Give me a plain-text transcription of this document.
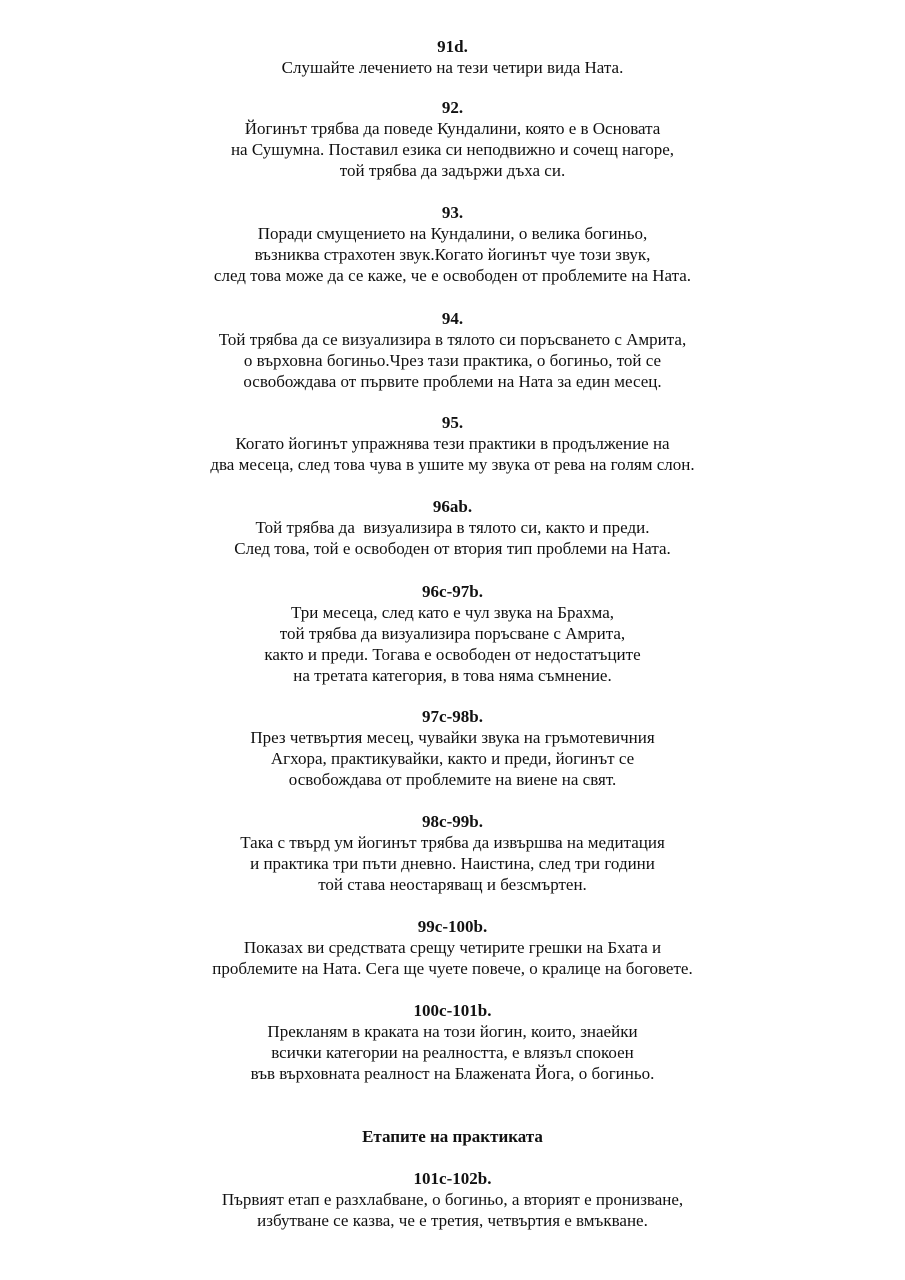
91d.
Слушайте лечението на тези четири вида Ната.
92.
Йогинът трябва да поведе Кундалини, която е в Основата
на Сушумна. Поставил езика си неподвижно и сочещ нагоре,
той трябва да задържи дъха си.
93.
Поради смущението на Кундалини, о велика богиньо,
възниква страхотен звук.Когато йогинът чуе този звук,
след това може да се каже, че е освободен от проблемите на Ната.
94.
Той трябва да се визуализира в тялото си поръсването с Амрита,
о върховна богиньо.Чрез тази практика, о богиньо, той се
освобождава от първите проблеми на Ната за един месец.
95.
Когато йогинът упражнява тези практики в продължение на
два месеца, след това чува в ушите му звука от рева на голям слон.
96ab.
Той трябва да  визуализира в тялото си, както и преди.
След това, той е освободен от втория тип проблеми на Ната.
96c-97b.
Три месеца, след като е чул звука на Брахма,
той трябва да визуализира поръсване с Амрита,
както и преди. Тогава е освободен от недостатъците
на третата категория, в това няма съмнение.
97c-98b.
През четвъртия месец, чувайки звука на гръмотевичния
Агхора, практикувайки, както и преди, йогинът се
освобождава от проблемите на виене на свят.
98c-99b.
Така с твърд ум йогинът трябва да извършва на медитация
и практика три пъти дневно. Наистина, след три години
той става неостаряващ и безсмъртен.
99c-100b.
Показах ви средствата срещу четирите грешки на Бхата и
проблемите на Ната. Сега ще чуете повече, о кралице на боговете.
100c-101b.
Прекланям в краката на този йогин, които, знаейки
всички категории на реалността, е влязъл спокоен
във върховната реалност на Блажената Йога, о богиньо.
Етапите на практиката
101c-102b.
Първият етап е разхлабване, о богиньо, а вторият е пронизване,
избутване се казва, че е третия, четвъртия е вмъкване.
